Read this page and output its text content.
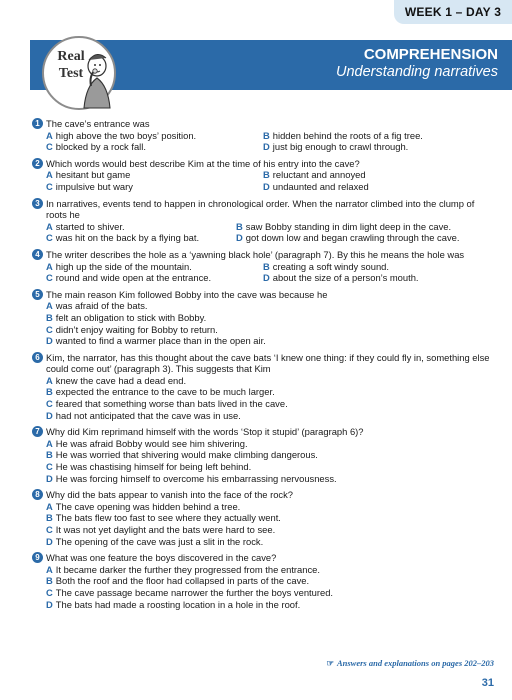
WEEK 1 – DAY 3
COMPREHENSION
Understanding narratives
Real
Test
1 The cave’s entrance was
A high above the two boys’ position.	B hidden behind the roots of a fig tree.
C blocked by a rock fall.	D just big enough to crawl through.
2 Which words would best describe Kim at the time of his entry into the cave?
A hesitant but game	B reluctant and annoyed
C impulsive but wary	D undaunted and relaxed
3 In narratives, events tend to happen in chronological order. When the narrator climbed into the clump of roots he
A started to shiver.	B saw Bobby standing in dim light deep in the cave.
C was hit on the back by a flying bat.	D got down low and began crawling through the cave.
4 The writer describes the hole as a ‘yawning black hole’ (paragraph 7). By this he means the hole was
A high up the side of the mountain.	B creating a soft windy sound.
C round and wide open at the entrance.	D about the size of a person’s mouth.
5 The main reason Kim followed Bobby into the cave was because he
A was afraid of the bats.
B felt an obligation to stick with Bobby.
C didn’t enjoy waiting for Bobby to return.
D wanted to find a warmer place than in the open air.
6 Kim, the narrator, has this thought about the cave bats ‘I knew one thing: if they could fly in, something else could come out’ (paragraph 3). This suggests that Kim
A knew the cave had a dead end.
B expected the entrance to the cave to be much larger.
C feared that something worse than bats lived in the cave.
D had not anticipated that the cave was in use.
7 Why did Kim reprimand himself with the words ‘Stop it stupid’ (paragraph 6)?
A He was afraid Bobby would see him shivering.
B He was worried that shivering would make climbing dangerous.
C He was chastising himself for being left behind.
D He was forcing himself to overcome his embarrassing nervousness.
8 Why did the bats appear to vanish into the face of the rock?
A The cave opening was hidden behind a tree.
B The bats flew too fast to see where they actually went.
C It was not yet daylight and the bats were hard to see.
D The opening of the cave was just a slit in the rock.
9 What was one feature the boys discovered in the cave?
A It became darker the further they progressed from the entrance.
B Both the roof and the floor had collapsed in parts of the cave.
C The cave passage became narrower the further the boys ventured.
D The bats had made a roosting location in a hole in the roof.
☞ Answers and explanations on pages 202–203
31
